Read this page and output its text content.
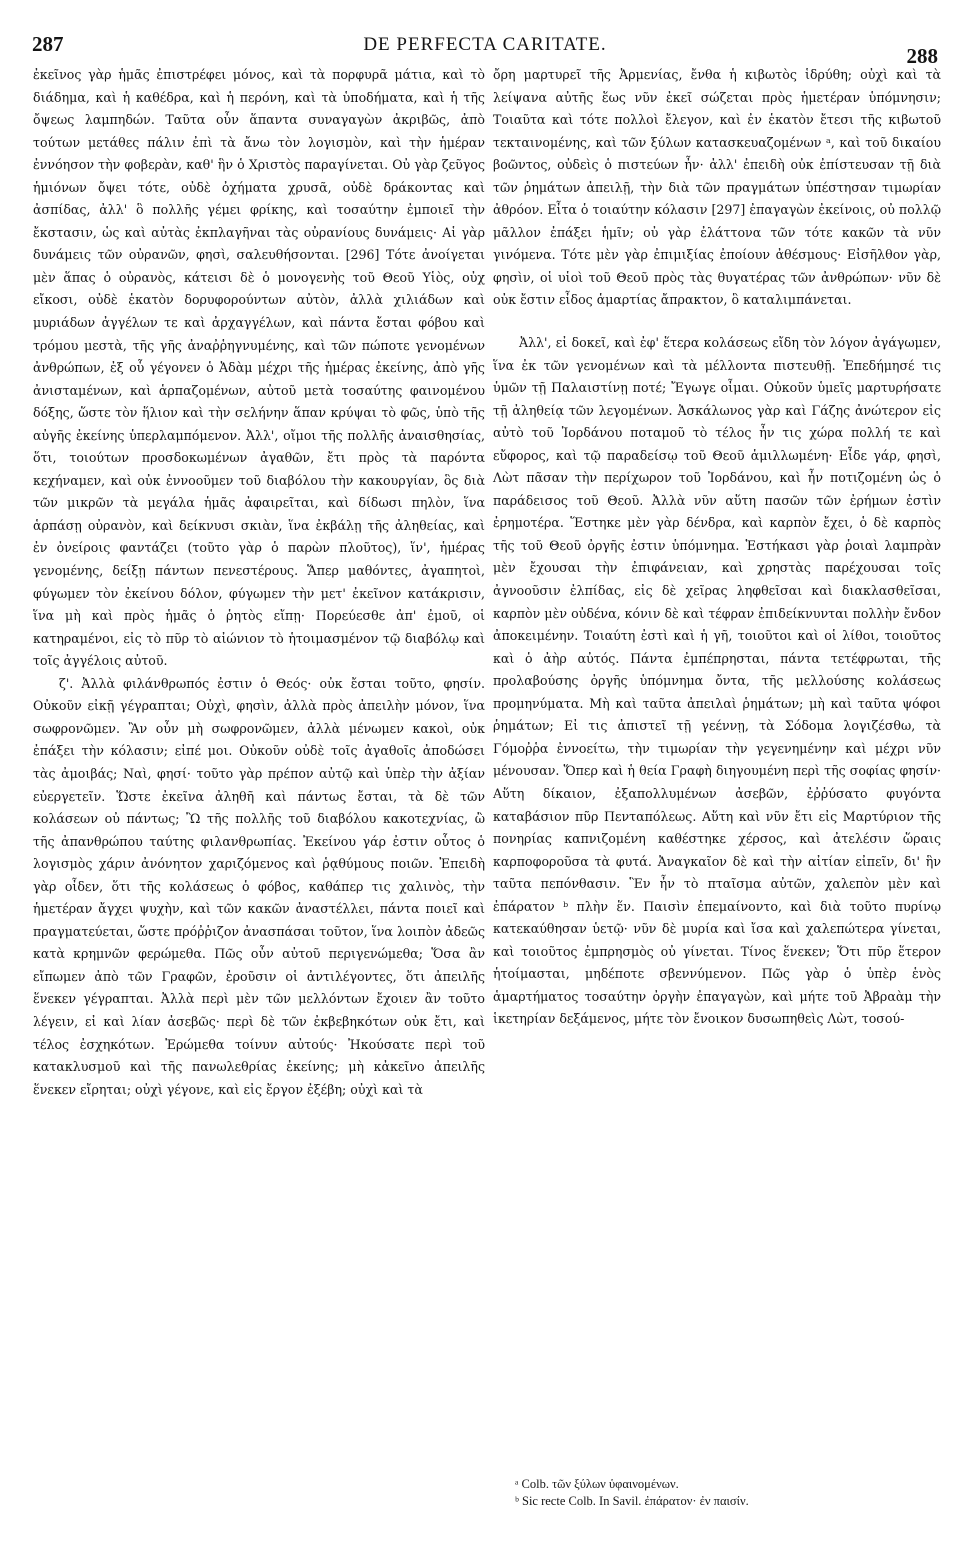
287	DE PERFECTA CARITATE.	288

ἐκεῖνος γὰρ ἡμᾶς ἐπιστρέφει μόνος, καὶ τὰ πορφυρᾶ μάτια, καὶ τὸ διάδημα, καὶ ἡ καθέδρα, καὶ ἡ περόνη, καὶ τὰ ὑποδήματα, καὶ ἡ τῆς ὄψεως λαμπηδών. Ταῦτα οὖν ἅπαντα συναγαγὼν ἀκριβῶς, ἀπὸ τούτων μετάθες πάλιν ἐπὶ τὰ ἄνω τὸν λογισμὸν, καὶ τὴν ἡμέραν ἐννόησον τὴν φοβερὰν, καθ' ἣν ὁ Χριστὸς παραγίνεται. Οὐ γὰρ ζεῦγος ἡμιόνων ὄψει τότε, οὐδὲ ὀχήματα χρυσᾶ, οὐδὲ δράκοντας καὶ ἀσπίδας, ἀλλ' ὃ πολλῆς γέμει φρίκης, καὶ τοσαύτην ἐμποιεῖ τὴν ἔκστασιν, ὡς καὶ αὐτὰς ἐκπλαγῆναι τὰς οὐρανίους δυνάμεις· Αἱ γὰρ δυνάμεις τῶν οὐρανῶν, φησὶ, σαλευθήσονται. [296] Τότε ἀνοίγεται μὲν ἅπας ὁ οὐρανὸς, κάτεισι δὲ ὁ μονογενὴς τοῦ Θεοῦ Υἱὸς, οὐχ εἴκοσι, οὐδὲ ἑκατὸν δορυφορούντων αὐτὸν, ἀλλὰ χιλιάδων καὶ μυριάδων ἀγγέλων τε καὶ ἀρχαγγέλων, καὶ πάντα ἔσται φόβου καὶ τρόμου μεστὰ, τῆς γῆς ἀναῤῥηγνυμένης, καὶ τῶν πώποτε γενομένων ἀνθρώπων, ἐξ οὗ γέγονεν ὁ Ἀδὰμ μέχρι τῆς ἡμέρας ἐκείνης, ἀπὸ γῆς ἀνισταμένων, καὶ ἁρπαζομένων, αὐτοῦ μετὰ τοσαύτης φαινομένου δόξης, ὥστε τὸν ἥλιον καὶ τὴν σελήνην ἅπαν κρύψαι τὸ φῶς, ὑπὸ τῆς αὐγῆς ἐκείνης ὑπερλαμπόμενον. Ἀλλ', οἴμοι τῆς πολλῆς ἀναισθησίας, ὅτι, τοιούτων προσδοκωμένων ἀγαθῶν, ἔτι πρὸς τὰ παρόντα κεχήναμεν, καὶ οὐκ ἐννοοῦμεν τοῦ διαβόλου τὴν κακουργίαν, ὃς διὰ τῶν μικρῶν τὰ μεγάλα ἡμᾶς ἀφαιρεῖται, καὶ δίδωσι πηλὸν, ἵνα ἁρπάσῃ οὐρανὸν, καὶ δείκνυσι σκιὰν, ἵνα ἐκβάλῃ τῆς ἀληθείας, καὶ ἐν ὀνείροις φαντάζει (τοῦτο γὰρ ὁ παρὼν πλοῦτος), ἵν', ἡμέρας γενομένης, δείξῃ πάντων πενεστέρους. Ἅπερ μαθόντες, ἀγαπητοὶ, φύγωμεν τὸν ἐκείνου δόλον, φύγωμεν τὴν μετ' ἐκεῖνον κατάκρισιν, ἵνα μὴ καὶ πρὸς ἡμᾶς ὁ ῥητὸς εἴπῃ· Πορεύεσθε ἀπ' ἐμοῦ, οἱ κατηραμένοι, εἰς τὸ πῦρ τὸ αἰώνιον τὸ ἡτοιμασμένον τῷ διαβόλῳ καὶ τοῖς ἀγγέλοις αὐτοῦ.

ζ'. Ἀλλὰ φιλάνθρωπός ἐστιν ὁ Θεός· οὐκ ἔσται τοῦτο, φησίν. Οὐκοῦν εἰκῇ γέγραπται; Οὐχὶ, φησὶν, ἀλλὰ πρὸς ἀπειλὴν μόνον, ἵνα σωφρονῶμεν. Ἂν οὖν μὴ σωφρονῶμεν, ἀλλὰ μένωμεν κακοὶ, οὐκ ἐπάξει τὴν κόλασιν; εἰπέ μοι. Οὐκοῦν οὐδὲ τοῖς ἀγαθοῖς ἀποδώσει τὰς ἀμοιβάς; Ναὶ, φησί· τοῦτο γὰρ πρέπον αὐτῷ καὶ ὑπὲρ τὴν ἀξίαν εὐεργετεῖν. Ὥστε ἐκεῖνα ἀληθῆ καὶ πάντως ἔσται, τὰ δὲ τῶν κολάσεων οὐ πάντως; Ὢ τῆς πολλῆς τοῦ διαβόλου κακοτεχνίας, ὢ τῆς ἀπανθρώπου ταύτης φιλανθρωπίας. Ἐκείνου γάρ ἐστιν οὗτος ὁ λογισμὸς χάριν ἀνόνητον χαριζόμενος καὶ ῥᾳθύμους ποιῶν. Ἐπειδὴ γὰρ οἶδεν, ὅτι τῆς κολάσεως ὁ φόβος, καθάπερ τις χαλινὸς, τὴν ἡμετέραν ἄγχει ψυχὴν, καὶ τῶν κακῶν ἀναστέλλει, πάντα ποιεῖ καὶ πραγματεύεται, ὥστε πρόῤῥιζον ἀνασπάσαι τοῦτον, ἵνα λοιπὸν ἀδεῶς κατὰ κρημνῶν φερώμεθα. Πῶς οὖν αὐτοῦ περιγενώμεθα; Ὅσα ἂν εἴπωμεν ἀπὸ τῶν Γραφῶν, ἐροῦσιν οἱ ἀντιλέγοντες, ὅτι ἀπειλῆς ἕνεκεν γέγραπται. Ἀλλὰ περὶ μὲν τῶν μελλόντων ἔχοιεν ἂν τοῦτο λέγειν, εἰ καὶ λίαν ἀσεβῶς· περὶ δὲ τῶν ἐκβεβηκότων οὐκ ἔτι, καὶ τέλος ἐσχηκότων. Ἐρώμεθα τοίνυν αὐτούς· Ἠκούσατε περὶ τοῦ κατακλυσμοῦ καὶ τῆς πανωλεθρίας ἐκείνης; μὴ κἀκεῖνο ἀπειλῆς ἕνεκεν εἴρηται; οὐχὶ γέγονε, καὶ εἰς ἔργον ἐξέβη; οὐχὶ καὶ τὰ

ὄρη μαρτυρεῖ τῆς Ἀρμενίας, ἔνθα ἡ κιβωτὸς ἱδρύθη; οὐχὶ καὶ τὰ λείψανα αὐτῆς ἕως νῦν ἐκεῖ σώζεται πρὸς ἡμετέραν ὑπόμνησιν; Τοιαῦτα καὶ τότε πολλοὶ ἔλεγον, καὶ ἐν ἑκατὸν ἔτεσι τῆς κιβωτοῦ τεκταινομένης, καὶ τῶν ξύλων κατασκευαζομένων ᵃ, καὶ τοῦ δικαίου βοῶντος, οὐδεὶς ὁ πιστεύων ἦν· ἀλλ' ἐπειδὴ οὐκ ἐπίστευσαν τῇ διὰ τῶν ῥημάτων ἀπειλῇ, τὴν διὰ τῶν πραγμάτων ὑπέστησαν τιμωρίαν ἀθρόον. Εἶτα ὁ τοιαύτην κόλασιν [297] ἐπαγαγὼν ἐκείνοις, οὐ πολλῷ μᾶλλον ἐπάξει ἡμῖν; οὐ γὰρ ἐλάττονα τῶν τότε κακῶν τὰ νῦν γινόμενα. Τότε μὲν γὰρ ἐπιμιξίας ἐποίουν ἀθέσμους· Εἰσῆλθον γὰρ, φησὶν, οἱ υἱοὶ τοῦ Θεοῦ πρὸς τὰς θυγατέρας τῶν ἀνθρώπων· νῦν δὲ οὐκ ἔστιν εἶδος ἁμαρτίας ἄπρακτον, ὃ καταλιμπάνεται.

Ἀλλ', εἰ δοκεῖ, καὶ ἐφ' ἕτερα κολάσεως εἴδη τὸν λόγον ἀγάγωμεν, ἵνα ἐκ τῶν γενομένων καὶ τὰ μέλλοντα πιστευθῇ. Ἐπεδήμησέ τις ὑμῶν τῇ Παλαιστίνῃ ποτέ; Ἔγωγε οἶμαι. Οὐκοῦν ὑμεῖς μαρτυρήσατε τῇ ἀληθείᾳ τῶν λεγομένων. Ἀσκάλωνος γὰρ καὶ Γάζης ἀνώτερον εἰς αὐτὸ τοῦ Ἰορδάνου ποταμοῦ τὸ τέλος ἦν τις χώρα πολλή τε καὶ εὔφορος, καὶ τῷ παραδείσῳ τοῦ Θεοῦ ἁμιλλωμένη· Εἶδε γάρ, φησὶ, Λὼτ πᾶσαν τὴν περίχωρον τοῦ Ἰορδάνου, καὶ ἦν ποτιζομένη ὡς ὁ παράδεισος τοῦ Θεοῦ. Ἀλλὰ νῦν αὕτη πασῶν τῶν ἐρήμων ἐστὶν ἐρημοτέρα. Ἕστηκε μὲν γὰρ δένδρα, καὶ καρπὸν ἔχει, ὁ δὲ καρπὸς τῆς τοῦ Θεοῦ ὀργῆς ἐστιν ὑπόμνημα. Ἑστήκασι γὰρ ῥοιαὶ λαμπρὰν μὲν ἔχουσαι τὴν ἐπιφάνειαν, καὶ χρηστὰς παρέχουσαι τοῖς ἀγνοοῦσιν ἐλπίδας, εἰς δὲ χεῖρας ληφθεῖσαι καὶ διακλασθεῖσαι, καρπὸν μὲν οὐδένα, κόνιν δὲ καὶ τέφραν ἐπιδείκνυνται πολλὴν ἔνδον ἀποκειμένην. Τοιαύτη ἐστὶ καὶ ἡ γῆ, τοιοῦτοι καὶ οἱ λίθοι, τοιοῦτος καὶ ὁ ἀὴρ αὐτός. Πάντα ἐμπέπρησται, πάντα τετέφρωται, τῆς προλαβούσης ὀργῆς ὑπόμνημα ὄντα, τῆς μελλούσης κολάσεως προμηνύματα. Μὴ καὶ ταῦτα ἀπειλαὶ ῥημάτων; μὴ καὶ ταῦτα ψόφοι ῥημάτων; Εἰ τις ἀπιστεῖ τῇ γεέννῃ, τὰ Σόδομα λογιζέσθω, τὰ Γόμοῤῥα ἐννοείτω, τὴν τιμωρίαν τὴν γεγενημένην καὶ μέχρι νῦν μένουσαν. Ὅπερ καὶ ἡ θεία Γραφὴ διηγουμένη περὶ τῆς σοφίας φησίν· Αὕτη δίκαιον, ἐξαπολλυμένων ἀσεβῶν, ἐῤῥύσατο φυγόντα καταβάσιον πῦρ Πενταπόλεως. Αὕτη καὶ νῦν ἔτι εἰς Μαρτύριον τῆς πονηρίας καπνιζομένη καθέστηκε χέρσος, καὶ ἀτελέσιν ὥραις καρποφοροῦσα τὰ φυτά. Ἀναγκαῖον δὲ καὶ τὴν αἰτίαν εἰπεῖν, δι' ἣν ταῦτα πεπόνθασιν. Ἓν ἦν τὸ πταῖσμα αὐτῶν, χαλεπὸν μὲν καὶ ἐπάρατον ᵇ πλὴν ἕν. Παισὶν ἐπεμαίνοντο, καὶ διὰ τοῦτο πυρίνῳ κατεκαύθησαν ὑετῷ· νῦν δὲ μυρία καὶ ἴσα καὶ χαλεπώτερα γίνεται, καὶ τοιοῦτος ἐμπρησμὸς οὐ γίνεται. Τίνος ἕνεκεν; Ὅτι πῦρ ἕτερον ἡτοίμασται, μηδέποτε σβεννύμενον. Πῶς γὰρ ὁ ὑπὲρ ἑνὸς ἁμαρτήματος τοσαύτην ὀργὴν ἐπαγαγὼν, καὶ μήτε τοῦ Ἀβραὰμ τὴν ἱκετηρίαν δεξάμενος, μήτε τὸν ἔνοικον δυσωπηθεὶς Λὼτ, τοσού-

ᵃ Colb. τῶν ξύλων ὑφαινομένων.
ᵇ Sic recte Colb. In Savil. ἐπάρατον· ἐν παισίν.
